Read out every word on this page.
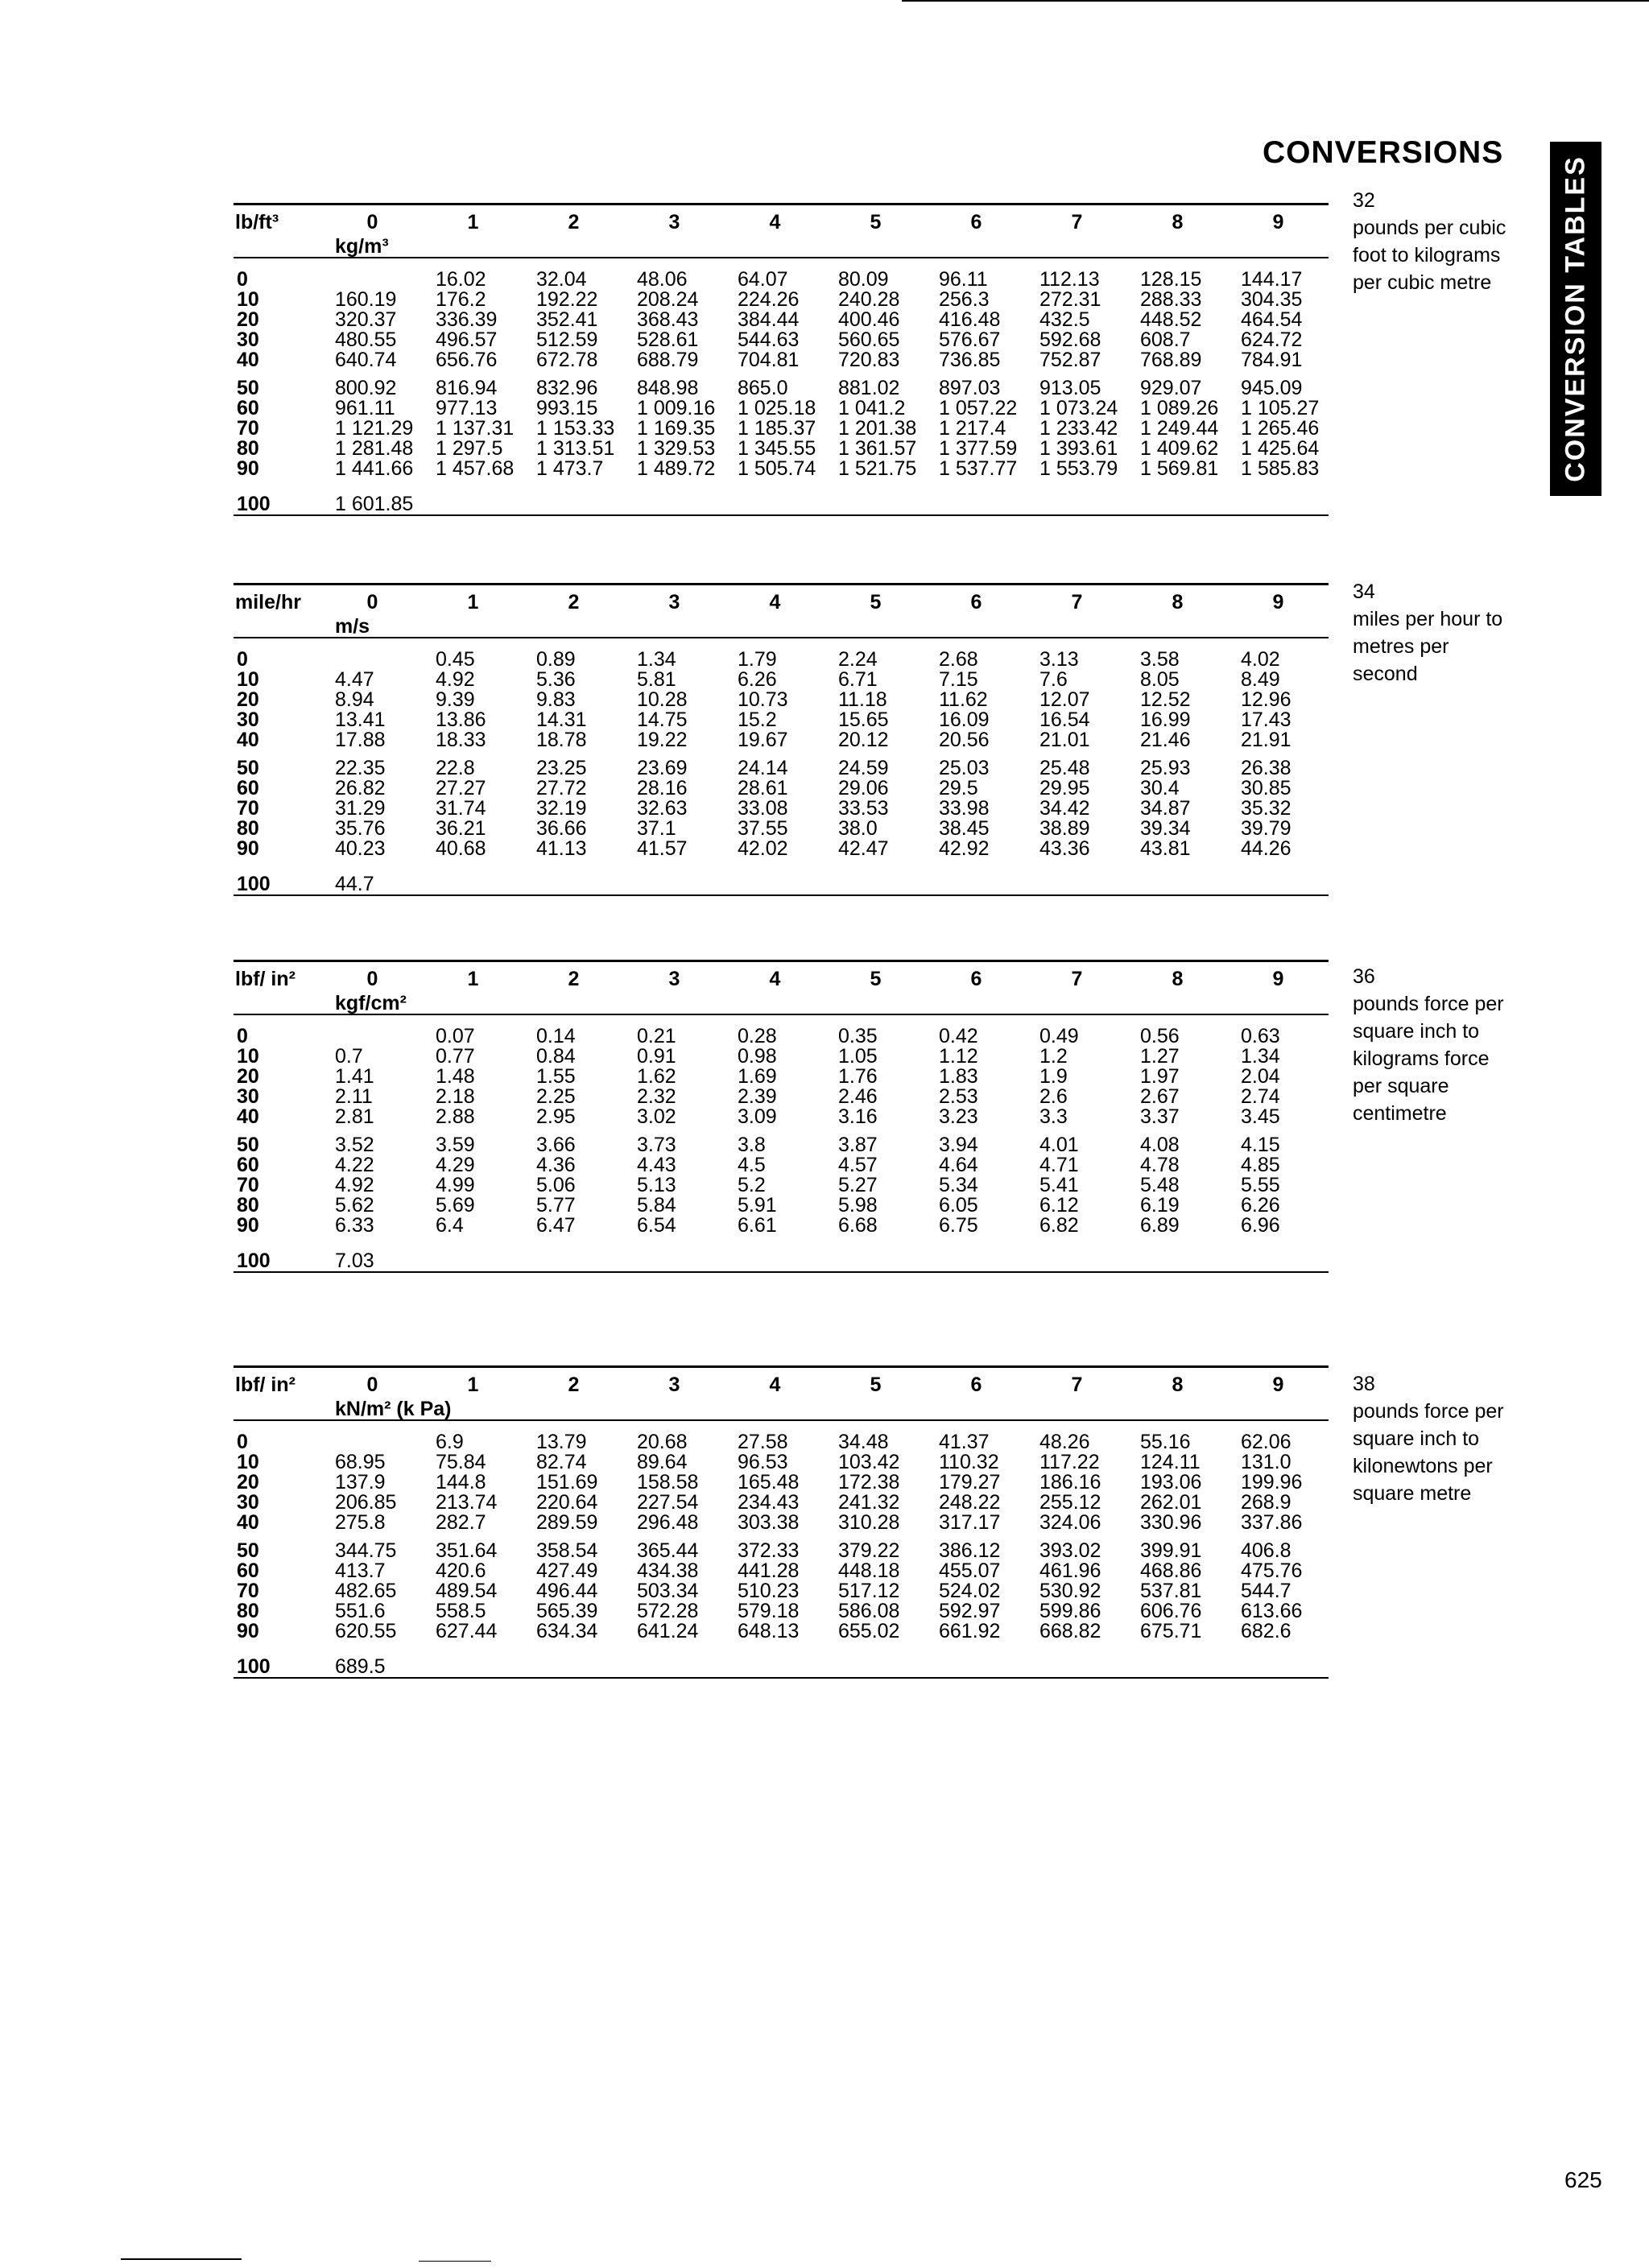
CONVERSIONS
CONVERSION TABLES
lb/ft³	0	1	2	3	4	5	6	7	8	9
	kg/m³									

0		16.02	32.04	48.06	64.07	80.09	96.11	112.13	128.15	144.17
10	160.19	176.2	192.22	208.24	224.26	240.28	256.3	272.31	288.33	304.35
20	320.37	336.39	352.41	368.43	384.44	400.46	416.48	432.5	448.52	464.54
30	480.55	496.57	512.59	528.61	544.63	560.65	576.67	592.68	608.7	624.72
40	640.74	656.76	672.78	688.79	704.81	720.83	736.85	752.87	768.89	784.91

50	800.92	816.94	832.96	848.98	865.0	881.02	897.03	913.05	929.07	945.09
60	961.11	977.13	993.15	1 009.16	1 025.18	1 041.2	1 057.22	1 073.24	1 089.26	1 105.27
70	1 121.29	1 137.31	1 153.33	1 169.35	1 185.37	1 201.38	1 217.4	1 233.42	1 249.44	1 265.46
80	1 281.48	1 297.5	1 313.51	1 329.53	1 345.55	1 361.57	1 377.59	1 393.61	1 409.62	1 425.64
90	1 441.66	1 457.68	1 473.7	1 489.72	1 505.74	1 521.75	1 537.77	1 553.79	1 569.81	1 585.83

100	1 601.85									
32
pounds per cubic foot to kilograms per cubic metre
mile/hr	0	1	2	3	4	5	6	7	8	9
	m/s									

0		0.45	0.89	1.34	1.79	2.24	2.68	3.13	3.58	4.02
10	4.47	4.92	5.36	5.81	6.26	6.71	7.15	7.6	8.05	8.49
20	8.94	9.39	9.83	10.28	10.73	11.18	11.62	12.07	12.52	12.96
30	13.41	13.86	14.31	14.75	15.2	15.65	16.09	16.54	16.99	17.43
40	17.88	18.33	18.78	19.22	19.67	20.12	20.56	21.01	21.46	21.91

50	22.35	22.8	23.25	23.69	24.14	24.59	25.03	25.48	25.93	26.38
60	26.82	27.27	27.72	28.16	28.61	29.06	29.5	29.95	30.4	30.85
70	31.29	31.74	32.19	32.63	33.08	33.53	33.98	34.42	34.87	35.32
80	35.76	36.21	36.66	37.1	37.55	38.0	38.45	38.89	39.34	39.79
90	40.23	40.68	41.13	41.57	42.02	42.47	42.92	43.36	43.81	44.26

100	44.7									
34
miles per hour to metres per second
lbf/ in²	0	1	2	3	4	5	6	7	8	9
	kgf/cm²									

0		0.07	0.14	0.21	0.28	0.35	0.42	0.49	0.56	0.63
10	0.7	0.77	0.84	0.91	0.98	1.05	1.12	1.2	1.27	1.34
20	1.41	1.48	1.55	1.62	1.69	1.76	1.83	1.9	1.97	2.04
30	2.11	2.18	2.25	2.32	2.39	2.46	2.53	2.6	2.67	2.74
40	2.81	2.88	2.95	3.02	3.09	3.16	3.23	3.3	3.37	3.45

50	3.52	3.59	3.66	3.73	3.8	3.87	3.94	4.01	4.08	4.15
60	4.22	4.29	4.36	4.43	4.5	4.57	4.64	4.71	4.78	4.85
70	4.92	4.99	5.06	5.13	5.2	5.27	5.34	5.41	5.48	5.55
80	5.62	5.69	5.77	5.84	5.91	5.98	6.05	6.12	6.19	6.26
90	6.33	6.4	6.47	6.54	6.61	6.68	6.75	6.82	6.89	6.96

100	7.03									
36
pounds force per square inch to kilograms force per square centimetre
lbf/ in²	0	1	2	3	4	5	6	7	8	9
	kN/m² (k Pa)									

0		6.9	13.79	20.68	27.58	34.48	41.37	48.26	55.16	62.06
10	68.95	75.84	82.74	89.64	96.53	103.42	110.32	117.22	124.11	131.0
20	137.9	144.8	151.69	158.58	165.48	172.38	179.27	186.16	193.06	199.96
30	206.85	213.74	220.64	227.54	234.43	241.32	248.22	255.12	262.01	268.9
40	275.8	282.7	289.59	296.48	303.38	310.28	317.17	324.06	330.96	337.86

50	344.75	351.64	358.54	365.44	372.33	379.22	386.12	393.02	399.91	406.8
60	413.7	420.6	427.49	434.38	441.28	448.18	455.07	461.96	468.86	475.76
70	482.65	489.54	496.44	503.34	510.23	517.12	524.02	530.92	537.81	544.7
80	551.6	558.5	565.39	572.28	579.18	586.08	592.97	599.86	606.76	613.66
90	620.55	627.44	634.34	641.24	648.13	655.02	661.92	668.82	675.71	682.6

100	689.5									
38
pounds force per square inch to kilonewtons per square metre
625
